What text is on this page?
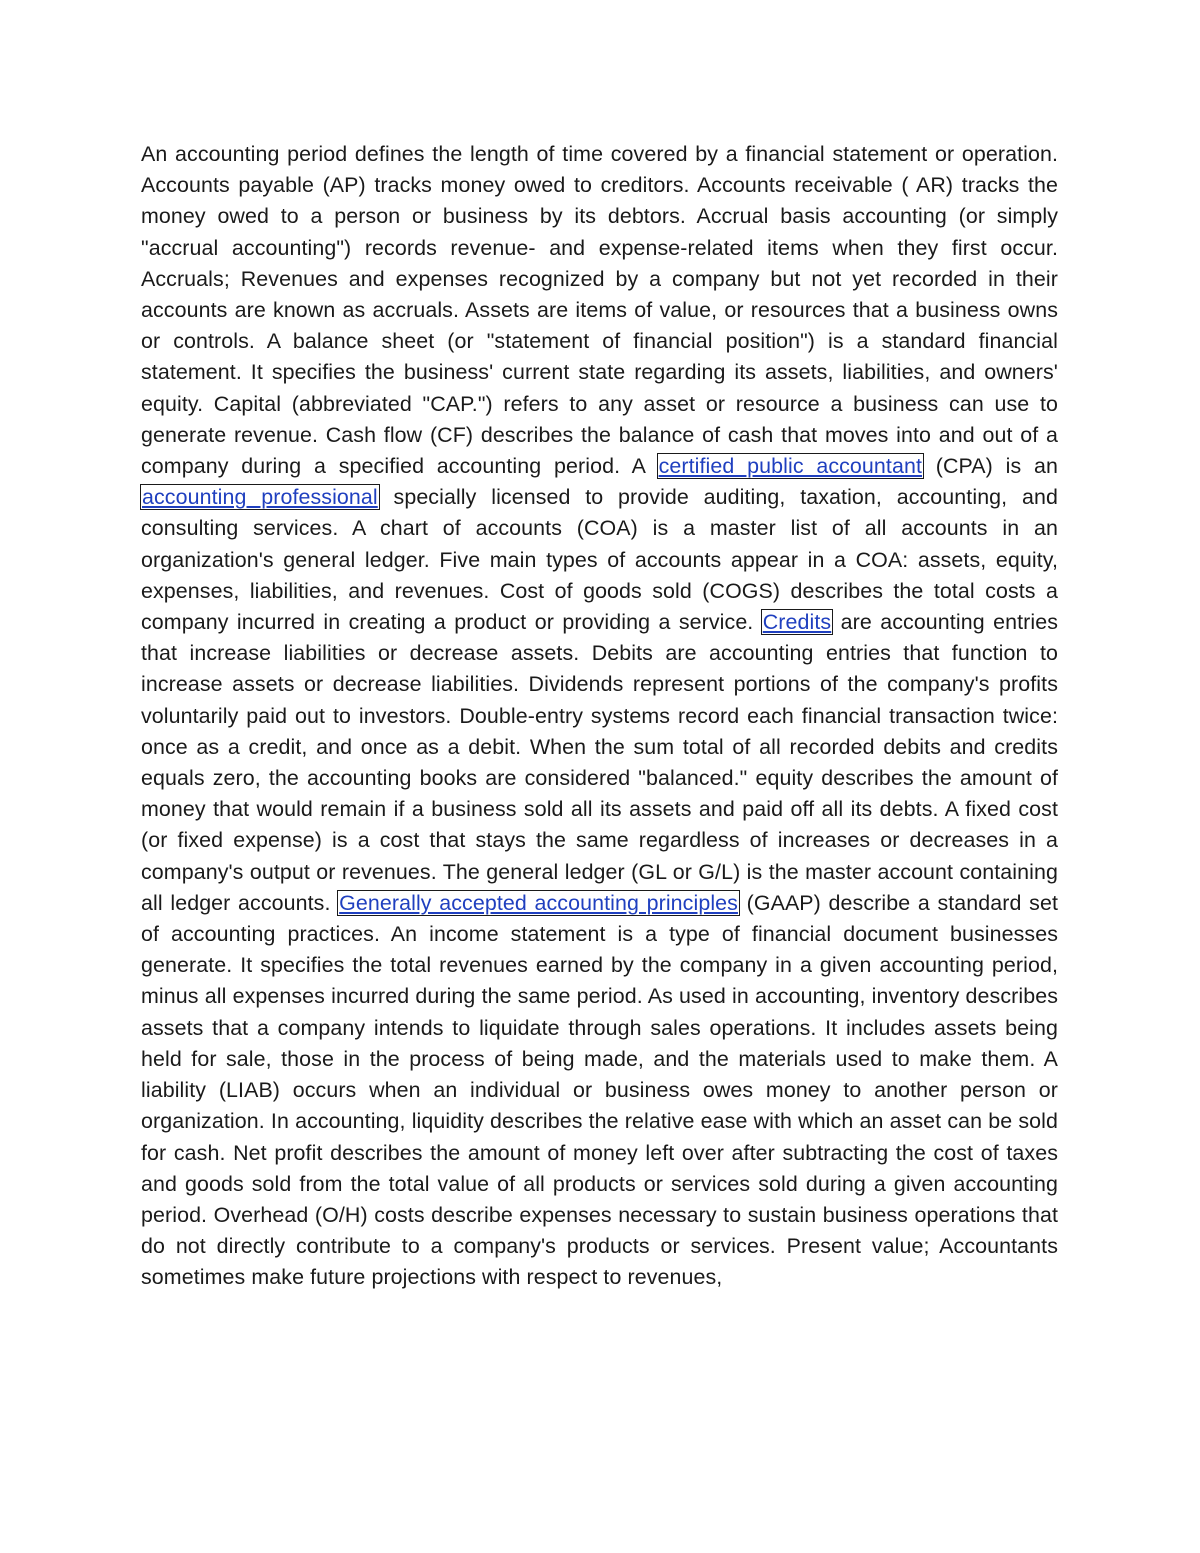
An accounting period defines the length of time covered by a financial statement or operation. Accounts payable (AP) tracks money owed to creditors. Accounts receivable ( AR) tracks the money owed to a person or business by its debtors. Accrual basis accounting (or simply "accrual accounting") records revenue- and expense-related items when they first occur. Accruals; Revenues and expenses recognized by a company but not yet recorded in their accounts are known as accruals. Assets are items of value, or resources that a business owns or controls. A balance sheet (or "statement of financial position") is a standard financial statement. It specifies the business' current state regarding its assets, liabilities, and owners' equity. Capital (abbreviated "CAP.") refers to any asset or resource a business can use to generate revenue. Cash flow (CF) describes the balance of cash that moves into and out of a company during a specified accounting period. A certified public accountant (CPA) is an accounting professional specially licensed to provide auditing, taxation, accounting, and consulting services. A chart of accounts (COA) is a master list of all accounts in an organization's general ledger. Five main types of accounts appear in a COA: assets, equity, expenses, liabilities, and revenues. Cost of goods sold (COGS) describes the total costs a company incurred in creating a product or providing a service. Credits are accounting entries that increase liabilities or decrease assets. Debits are accounting entries that function to increase assets or decrease liabilities. Dividends represent portions of the company's profits voluntarily paid out to investors. Double-entry systems record each financial transaction twice: once as a credit, and once as a debit. When the sum total of all recorded debits and credits equals zero, the accounting books are considered "balanced." equity describes the amount of money that would remain if a business sold all its assets and paid off all its debts. A fixed cost (or fixed expense) is a cost that stays the same regardless of increases or decreases in a company's output or revenues. The general ledger (GL or G/L) is the master account containing all ledger accounts. Generally accepted accounting principles (GAAP) describe a standard set of accounting practices. An income statement is a type of financial document businesses generate. It specifies the total revenues earned by the company in a given accounting period, minus all expenses incurred during the same period. As used in accounting, inventory describes assets that a company intends to liquidate through sales operations. It includes assets being held for sale, those in the process of being made, and the materials used to make them. A liability (LIAB) occurs when an individual or business owes money to another person or organization. In accounting, liquidity describes the relative ease with which an asset can be sold for cash. Net profit describes the amount of money left over after subtracting the cost of taxes and goods sold from the total value of all products or services sold during a given accounting period. Overhead (O/H) costs describe expenses necessary to sustain business operations that do not directly contribute to a company's products or services. Present value; Accountants sometimes make future projections with respect to revenues,
